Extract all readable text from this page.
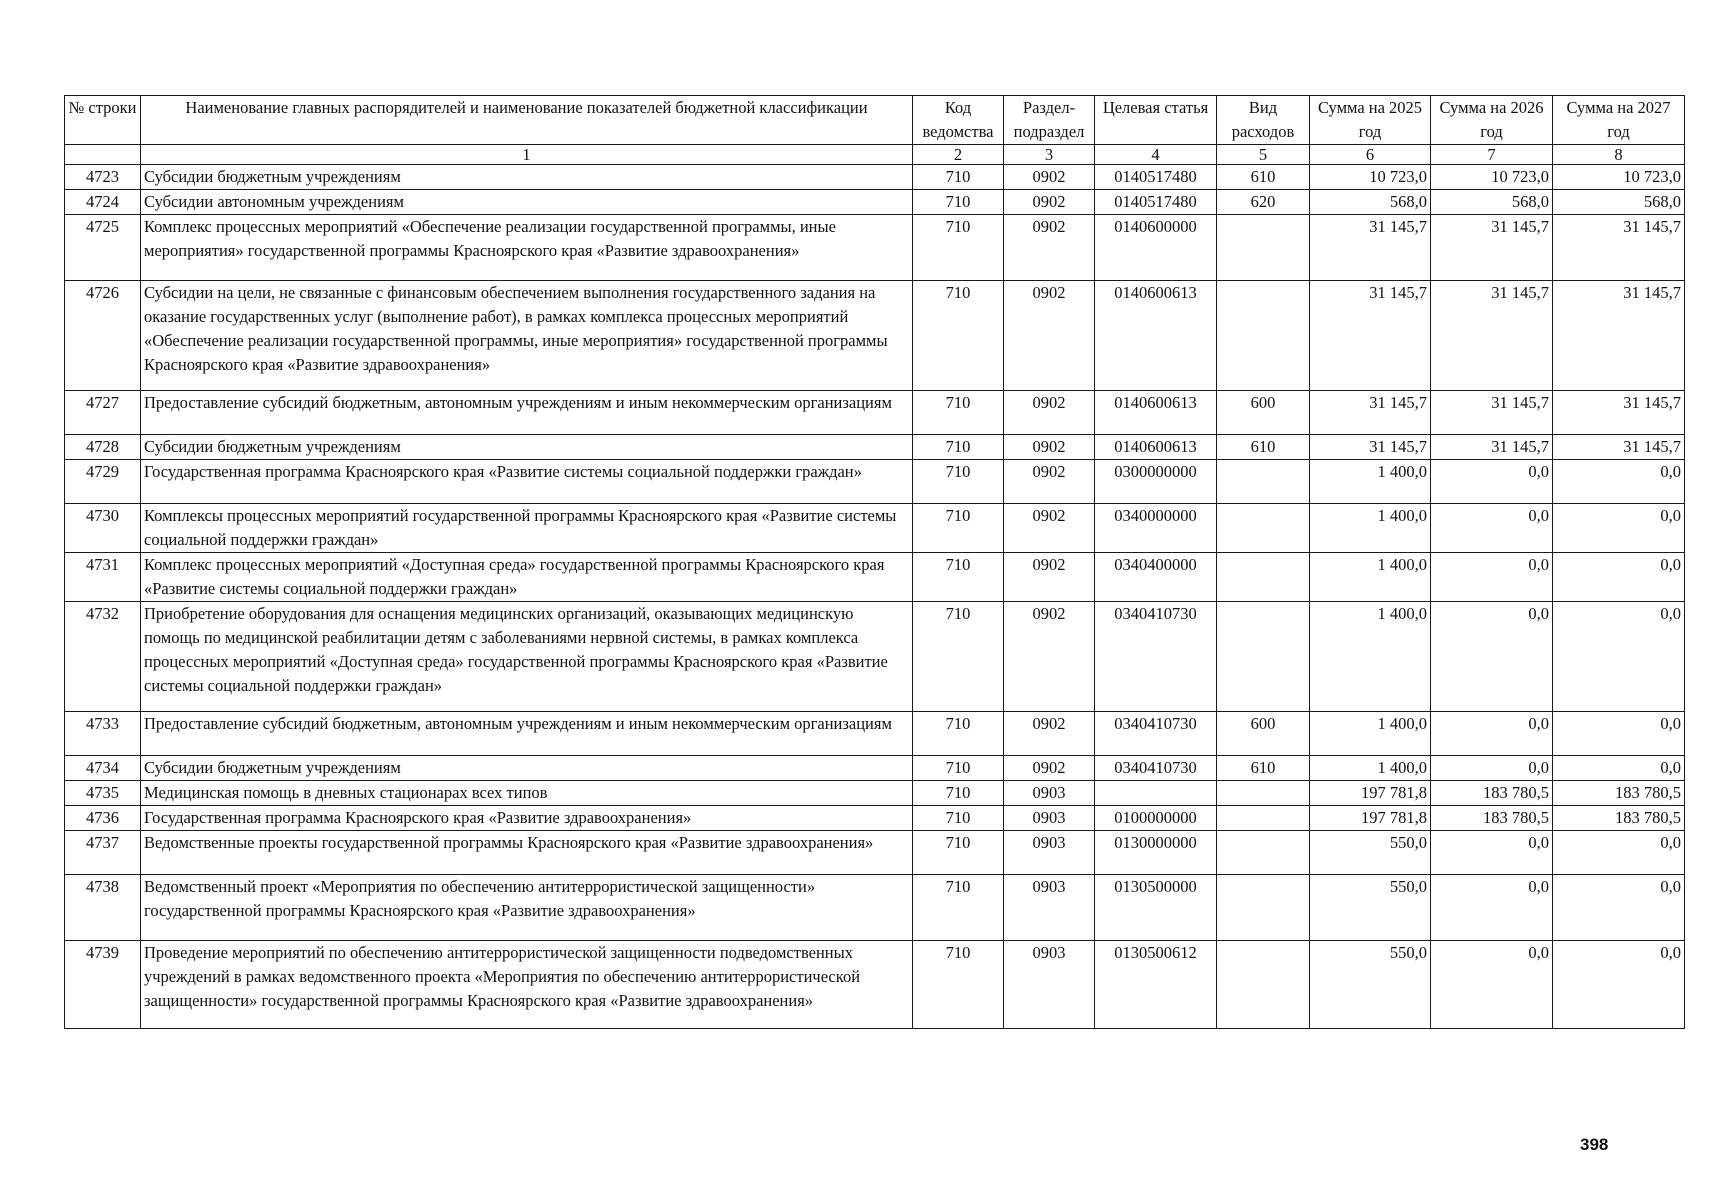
№ строки	Наименование главных распорядителей и наименование показателей бюджетной классификации	Код ведомства	Раздел-подраздел	Целевая статья	Вид расходов	Сумма на 2025 год	Сумма на 2026 год	Сумма на 2027 год
	1	2	3	4	5	6	7	8
4723	Субсидии бюджетным учреждениям	710	0902	0140517480	610	10 723,0	10 723,0	10 723,0
4724	Субсидии автономным учреждениям	710	0902	0140517480	620	568,0	568,0	568,0
4725	Комплекс процессных мероприятий «Обеспечение реализации государственной программы, иные мероприятия» государственной программы Красноярского края «Развитие здравоохранения»	710	0902	0140600000		31 145,7	31 145,7	31 145,7
4726	Субсидии на цели, не связанные с финансовым обеспечением выполнения государственного задания на оказание государственных услуг (выполнение работ), в рамках комплекса процессных мероприятий «Обеспечение реализации государственной программы, иные мероприятия» государственной программы Красноярского края «Развитие здравоохранения»	710	0902	0140600613		31 145,7	31 145,7	31 145,7
4727	Предоставление субсидий бюджетным, автономным учреждениям и иным некоммерческим организациям	710	0902	0140600613	600	31 145,7	31 145,7	31 145,7
4728	Субсидии бюджетным учреждениям	710	0902	0140600613	610	31 145,7	31 145,7	31 145,7
4729	Государственная программа Красноярского края «Развитие системы социальной поддержки граждан»	710	0902	0300000000		1 400,0	0,0	0,0
4730	Комплексы процессных мероприятий государственной программы Красноярского края «Развитие системы социальной поддержки граждан»	710	0902	0340000000		1 400,0	0,0	0,0
4731	Комплекс процессных мероприятий «Доступная среда» государственной программы Красноярского края «Развитие системы социальной поддержки граждан»	710	0902	0340400000		1 400,0	0,0	0,0
4732	Приобретение оборудования для оснащения медицинских организаций, оказывающих медицинскую помощь по медицинской реабилитации детям с заболеваниями нервной системы, в рамках комплекса процессных мероприятий «Доступная среда» государственной программы Красноярского края «Развитие системы социальной поддержки граждан»	710	0902	0340410730		1 400,0	0,0	0,0
4733	Предоставление субсидий бюджетным, автономным учреждениям и иным некоммерческим организациям	710	0902	0340410730	600	1 400,0	0,0	0,0
4734	Субсидии бюджетным учреждениям	710	0902	0340410730	610	1 400,0	0,0	0,0
4735	Медицинская помощь в дневных стационарах всех типов	710	0903			197 781,8	183 780,5	183 780,5
4736	Государственная программа Красноярского края «Развитие здравоохранения»	710	0903	0100000000		197 781,8	183 780,5	183 780,5
4737	Ведомственные проекты государственной программы Красноярского края «Развитие здравоохранения»	710	0903	0130000000		550,0	0,0	0,0
4738	Ведомственный проект «Мероприятия по обеспечению антитеррористической защищенности» государственной программы Красноярского края «Развитие здравоохранения»	710	0903	0130500000		550,0	0,0	0,0
4739	Проведение мероприятий по обеспечению антитеррористической защищенности подведомственных учреждений в рамках ведомственного проекта «Мероприятия по обеспечению антитеррористической защищенности» государственной программы Красноярского края «Развитие здравоохранения»	710	0903	0130500612		550,0	0,0	0,0
398
